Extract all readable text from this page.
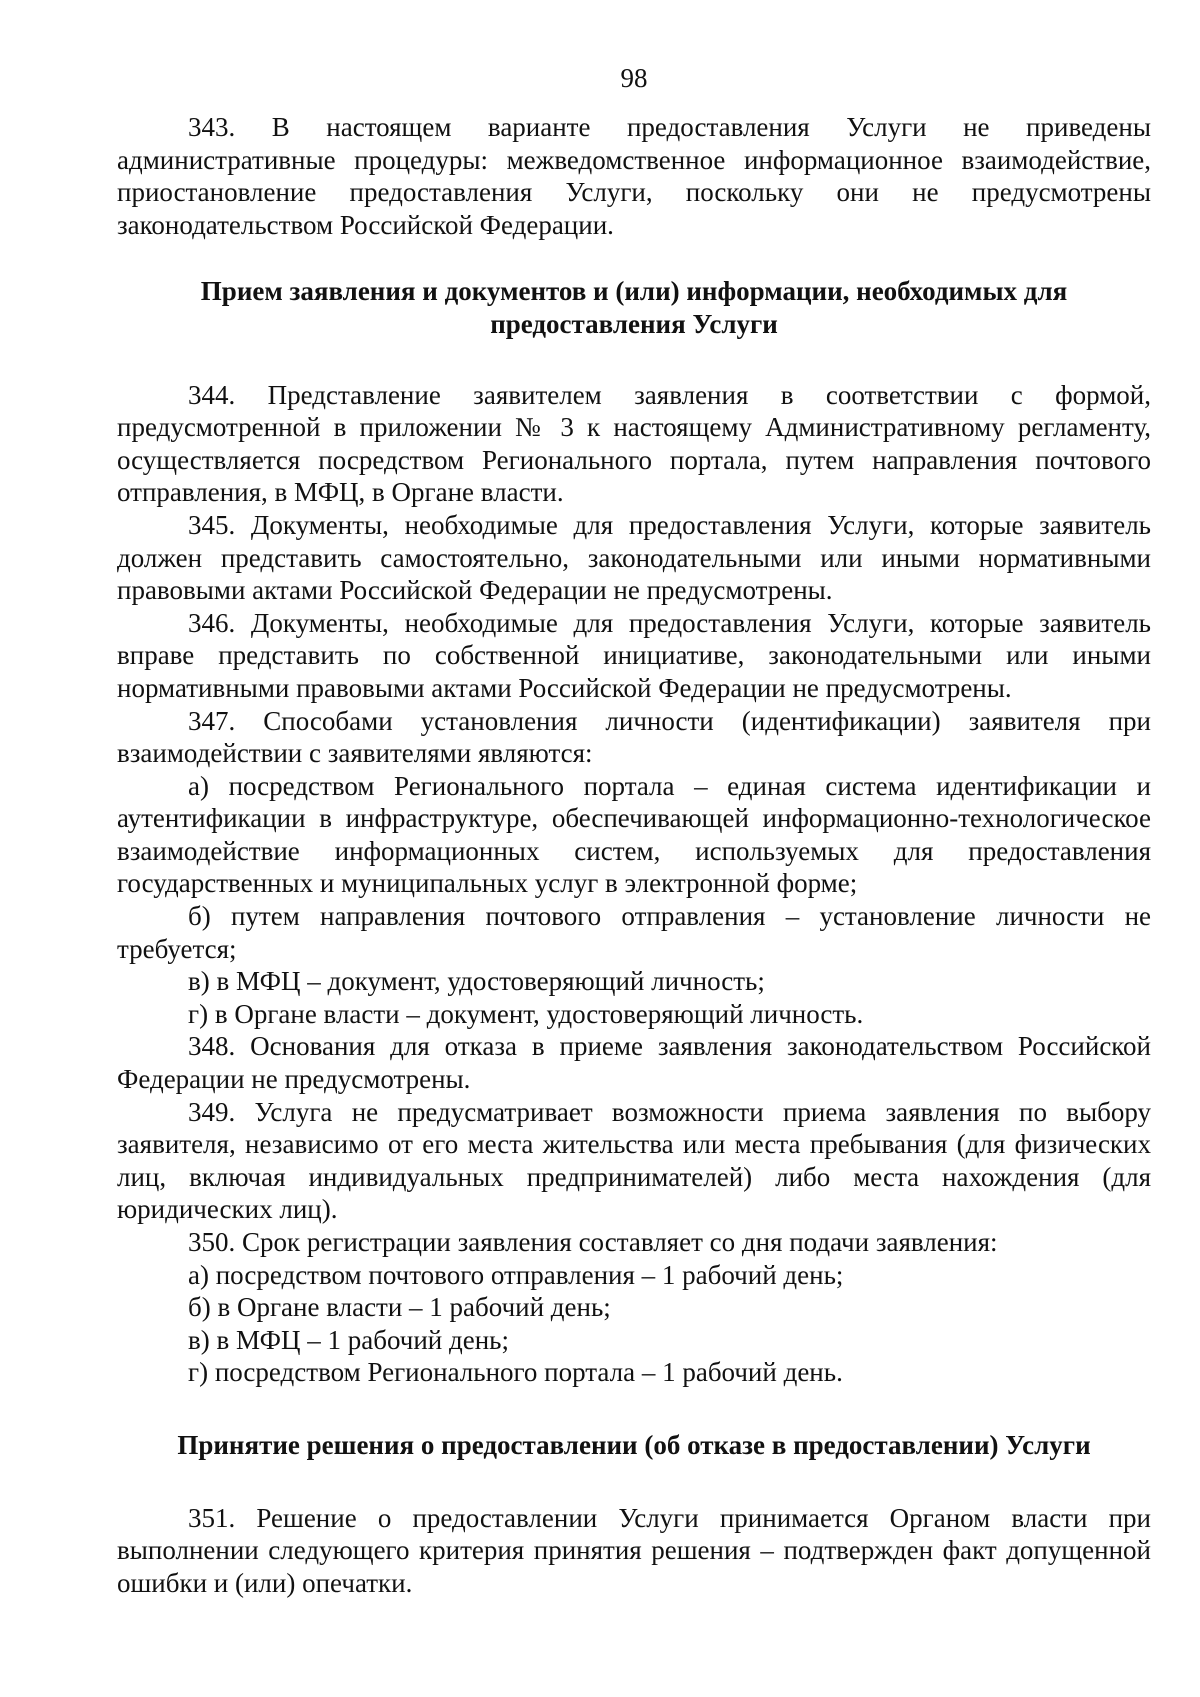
98

343. В настоящем варианте предоставления Услуги не приведены административные процедуры: межведомственное информационное взаимодействие, приостановление предоставления Услуги, поскольку они не предусмотрены законодательством Российской Федерации.

Прием заявления и документов и (или) информации, необходимых для предоставления Услуги

344. Представление заявителем заявления в соответствии с формой, предусмотренной в приложении № 3 к настоящему Административному регламенту, осуществляется посредством Регионального портала, путем направления почтового отправления, в МФЦ, в Органе власти.

345. Документы, необходимые для предоставления Услуги, которые заявитель должен представить самостоятельно, законодательными или иными нормативными правовыми актами Российской Федерации не предусмотрены.

346. Документы, необходимые для предоставления Услуги, которые заявитель вправе представить по собственной инициативе, законодательными или иными нормативными правовыми актами Российской Федерации не предусмотрены.

347. Способами установления личности (идентификации) заявителя при взаимодействии с заявителями являются:

а) посредством Регионального портала – единая система идентификации и аутентификации в инфраструктуре, обеспечивающей информационно-технологическое взаимодействие информационных систем, используемых для предоставления государственных и муниципальных услуг в электронной форме;

б) путем направления почтового отправления – установление личности не требуется;

в) в МФЦ – документ, удостоверяющий личность;

г) в Органе власти – документ, удостоверяющий личность.

348. Основания для отказа в приеме заявления законодательством Российской Федерации не предусмотрены.

349. Услуга не предусматривает возможности приема заявления по выбору заявителя, независимо от его места жительства или места пребывания (для физических лиц, включая индивидуальных предпринимателей) либо места нахождения (для юридических лиц).

350. Срок регистрации заявления составляет со дня подачи заявления:

а) посредством почтового отправления – 1 рабочий день;

б) в Органе власти – 1 рабочий день;

в) в МФЦ – 1 рабочий день;

г) посредством Регионального портала – 1 рабочий день.

Принятие решения о предоставлении (об отказе в предоставлении) Услуги

351. Решение о предоставлении Услуги принимается Органом власти при выполнении следующего критерия принятия решения – подтвержден факт допущенной ошибки и (или) опечатки.
